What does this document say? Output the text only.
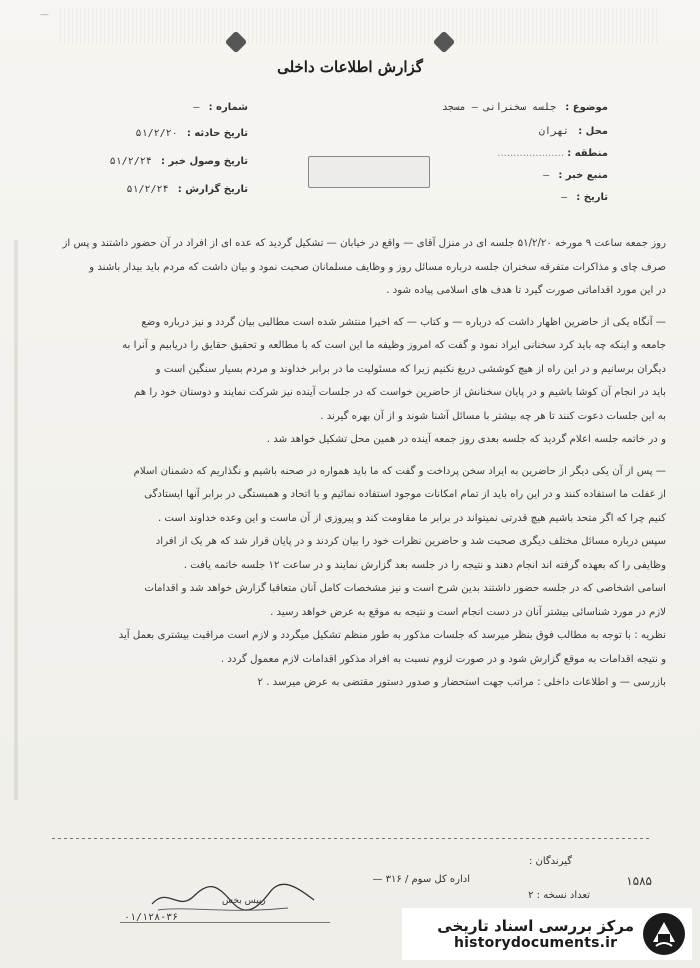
—
گزارش اطلاعات داخلی
موضوع : جلسه سخنرانی — مسجد
محل : تهران
منطقه : .....................
منبع خبر : —
تاریخ : —
شماره : —
تاریخ حادثه : ۵۱/۲/۲۰
تاریخ وصول خبر : ۵۱/۲/۲۴
تاریخ گزارش : ۵۱/۲/۲۴

روز جمعه ساعت ۹ مورخه ۵۱/۲/۲۰ جلسه ای در منزل آقای — واقع در خیابان — تشکیل گردید که عده ای از افراد در آن حضور داشتند و پس از

صرف چای و مذاکرات متفرقه سخنران جلسه درباره مسائل روز و وظایف مسلمانان صحبت نمود و بیان داشت که مردم باید بیدار باشند و

در این مورد اقداماتی صورت گیرد تا هدف های اسلامی پیاده شود .

— آنگاه یکی از حاضرین اظهار داشت که درباره — و کتاب — که اخیرا منتشر شده است مطالبی بیان گردد و نیز درباره وضع

جامعه و اینکه چه باید کرد سخنانی ایراد نمود و گفت که امروز وظیفه ما این است که با مطالعه و تحقیق حقایق را دریابیم و آنرا به

دیگران برسانیم و در این راه از هیچ کوششی دریغ نکنیم زیرا که مسئولیت ما در برابر خداوند و مردم بسیار سنگین است و

باید در انجام آن کوشا باشیم و در پایان سخنانش از حاضرین خواست که در جلسات آینده نیز شرکت نمایند و دوستان خود را هم

به این جلسات دعوت کنند تا هر چه بیشتر با مسائل آشنا شوند و از آن بهره گیرند .

و در خاتمه جلسه اعلام گردید که جلسه بعدی روز جمعه آینده در همین محل تشکیل خواهد شد .

— پس از آن یکی دیگر از حاضرین به ایراد سخن پرداخت و گفت که ما باید همواره در صحنه باشیم و نگذاریم که دشمنان اسلام

از غفلت ما استفاده کنند و در این راه باید از تمام امکانات موجود استفاده نمائیم و با اتحاد و همبستگی در برابر آنها ایستادگی

کنیم چرا که اگر متحد باشیم هیچ قدرتی نمیتواند در برابر ما مقاومت کند و پیروزی از آن ماست و این وعده خداوند است .

سپس درباره مسائل مختلف دیگری صحبت شد و حاضرین نظرات خود را بیان کردند و در پایان قرار شد که هر یک از افراد

وظایفی را که بعهده گرفته اند انجام دهند و نتیجه را در جلسه بعد گزارش نمایند و در ساعت ۱۲ جلسه خاتمه یافت .

اسامی اشخاصی که در جلسه حضور داشتند بدین شرح است و نیز مشخصات کامل آنان متعاقبا گزارش خواهد شد و اقدامات

لازم در مورد شناسائی بیشتر آنان در دست انجام است و نتیجه به موقع به عرض خواهد رسید .

نظریه : با توجه به مطالب فوق بنظر میرسد که جلسات مذکور به طور منظم تشکیل میگردد و لازم است مراقبت بیشتری بعمل آید

و نتیجه اقدامات به موقع گزارش شود و در صورت لزوم نسبت به افراد مذکور اقدامات لازم معمول گردد .

بازرسی — و اطلاعات داخلی : مراتب جهت استحضار و صدور دستور مقتضی به عرض میرسد . ۲

گیرندگان :
اداره کل سوم / ۳۱۶ —	۱۵۸۵
تعداد نسخه : ۲
رییس بخش
۰۱/۱۲۸-۳۶	مرکز بررسی اسناد تاریخی
historydocuments.ir
